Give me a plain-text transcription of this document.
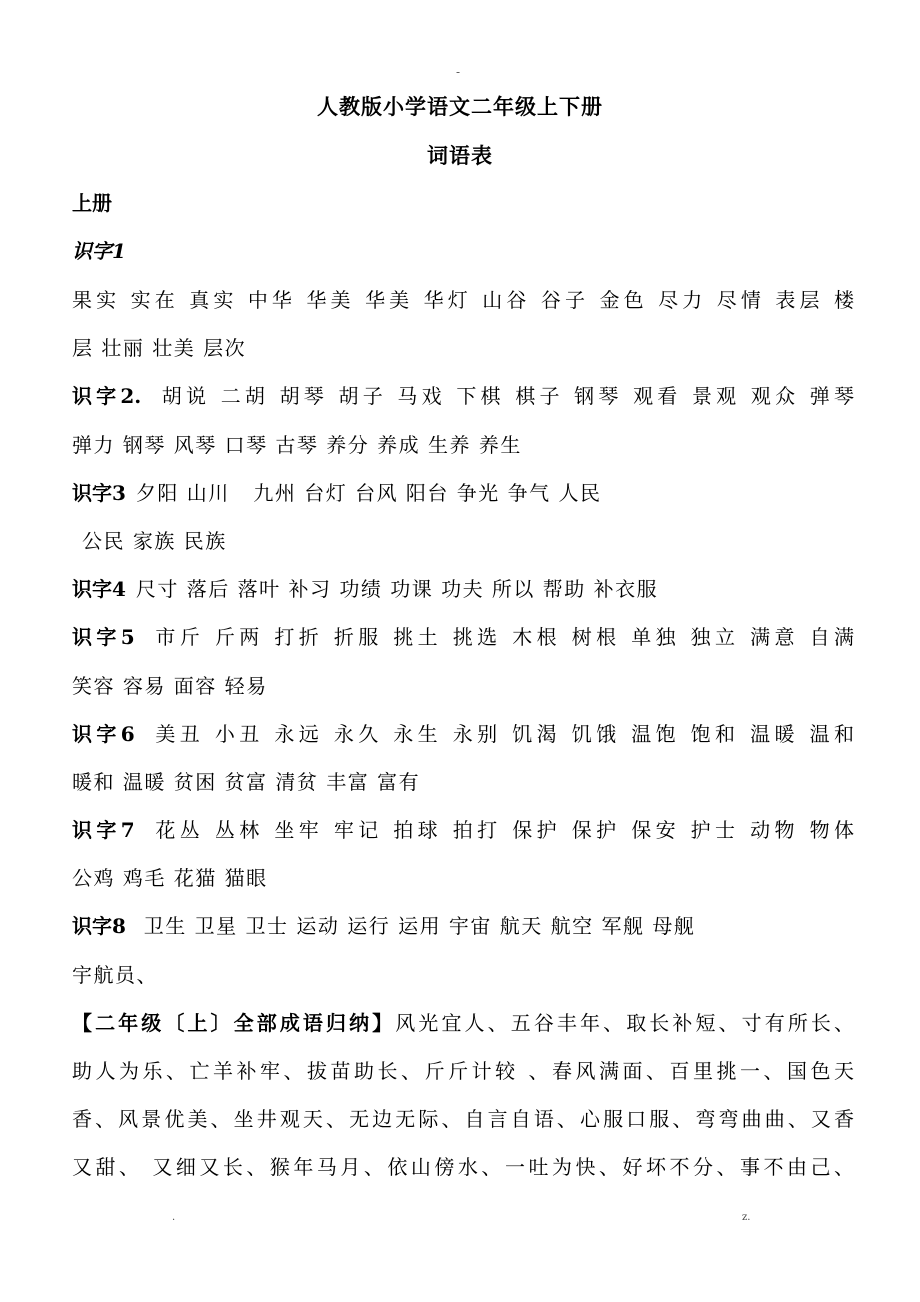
-
人教版小学语文二年级上下册
词语表
上册
识字1
果实 实在 真实 中华 华美 华美 华灯 山谷 谷子 金色 尽力 尽情 表层 楼
层 壮丽 壮美 层次
识字2. 胡说 二胡 胡琴 胡子 马戏 下棋 棋子 钢琴 观看 景观 观众 弹琴
弹力 钢琴 风琴 口琴 古琴 养分 养成 生养 养生
识字3 夕阳 山川   九州 台灯 台风 阳台 争光 争气 人民
公民 家族 民族
识字4 尺寸 落后 落叶 补习 功绩 功课 功夫 所以 帮助 补衣服
识字5 市斤 斤两 打折 折服 挑土 挑选 木根 树根 单独 独立 满意 自满
笑容 容易 面容 轻易
识字6 美丑 小丑 永远 永久 永生 永别 饥渴 饥饿 温饱 饱和 温暖 温和
暖和 温暖 贫困 贫富 清贫 丰富 富有
识字7 花丛 丛林 坐牢 牢记 拍球 拍打 保护 保护 保安 护士 动物 物体
公鸡 鸡毛 花猫 猫眼
识字8 卫生 卫星 卫士 运动 运行 运用 宇宙 航天 航空 军舰 母舰
宇航员、
【二年级〔上〕全部成语归纳】风光宜人、五谷丰年、取长补短、寸有所长、
助人为乐、亡羊补牢、拔苗助长、斤斤计较 、春风满面、百里挑一、国色天
香、风景优美、坐井观天、无边无际、自言自语、心服口服、弯弯曲曲、又香
又甜、 又细又长、猴年马月、依山傍水、一吐为快、好坏不分、事不由己、
.	z.
